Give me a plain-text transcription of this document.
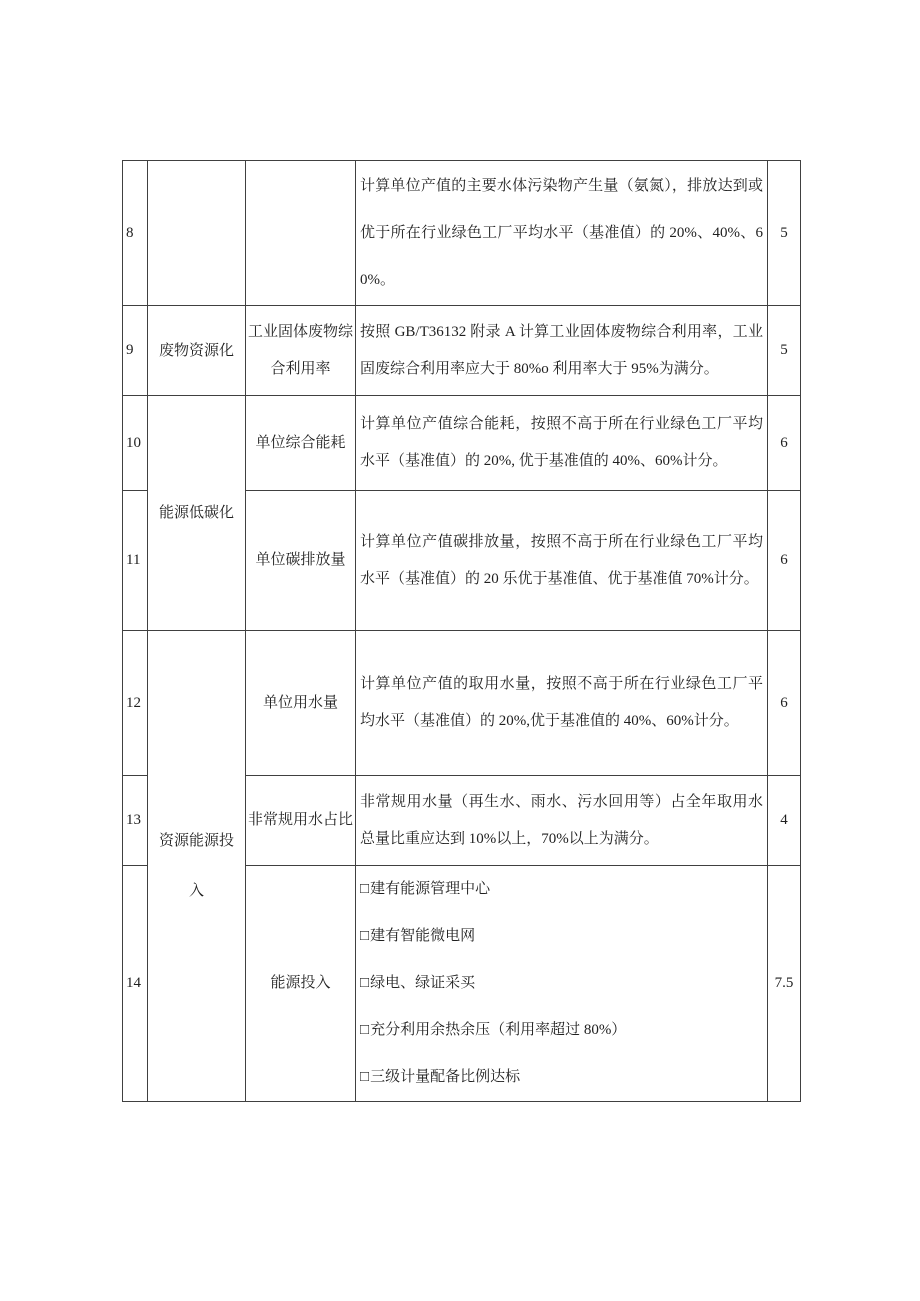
8			计算单位产值的主要水体污染物产生量（氨氮），排放达到或优于所在行业绿色工厂平均水平（基准值）的 20%、40%、60%。	5
9	废物资源化	工业固体废物综合利用率	按照 GB/T36132 附录 A 计算工业固体废物综合利用率，工业固废综合利用率应大于 80%o 利用率大于 95%为满分。	5
10	能源低碳化	单位综合能耗	计算单位产值综合能耗，按照不高于所在行业绿色工厂平均水平（基准值）的 20%, 优于基准值的 40%、60%计分。	6
11		单位碳排放量	计算单位产值碳排放量，按照不高于所在行业绿色工厂平均水平（基准值）的 20 乐优于基准值、优于基准值 70%计分。	6
12	资源能源投入	单位用水量	计算单位产值的取用水量，按照不高于所在行业绿色工厂平均水平（基准值）的 20%,优于基准值的 40%、60%计分。	6
13		非常规用水占比	非常规用水量（再生水、雨水、污水回用等）占全年取用水总量比重应达到 10%以上，70%以上为满分。	4
14		能源投入	□建有能源管理中心
□建有智能微电网
□绿电、绿证采买
□充分利用余热余压（利用率超过 80%）
□三级计量配备比例达标	7.5
